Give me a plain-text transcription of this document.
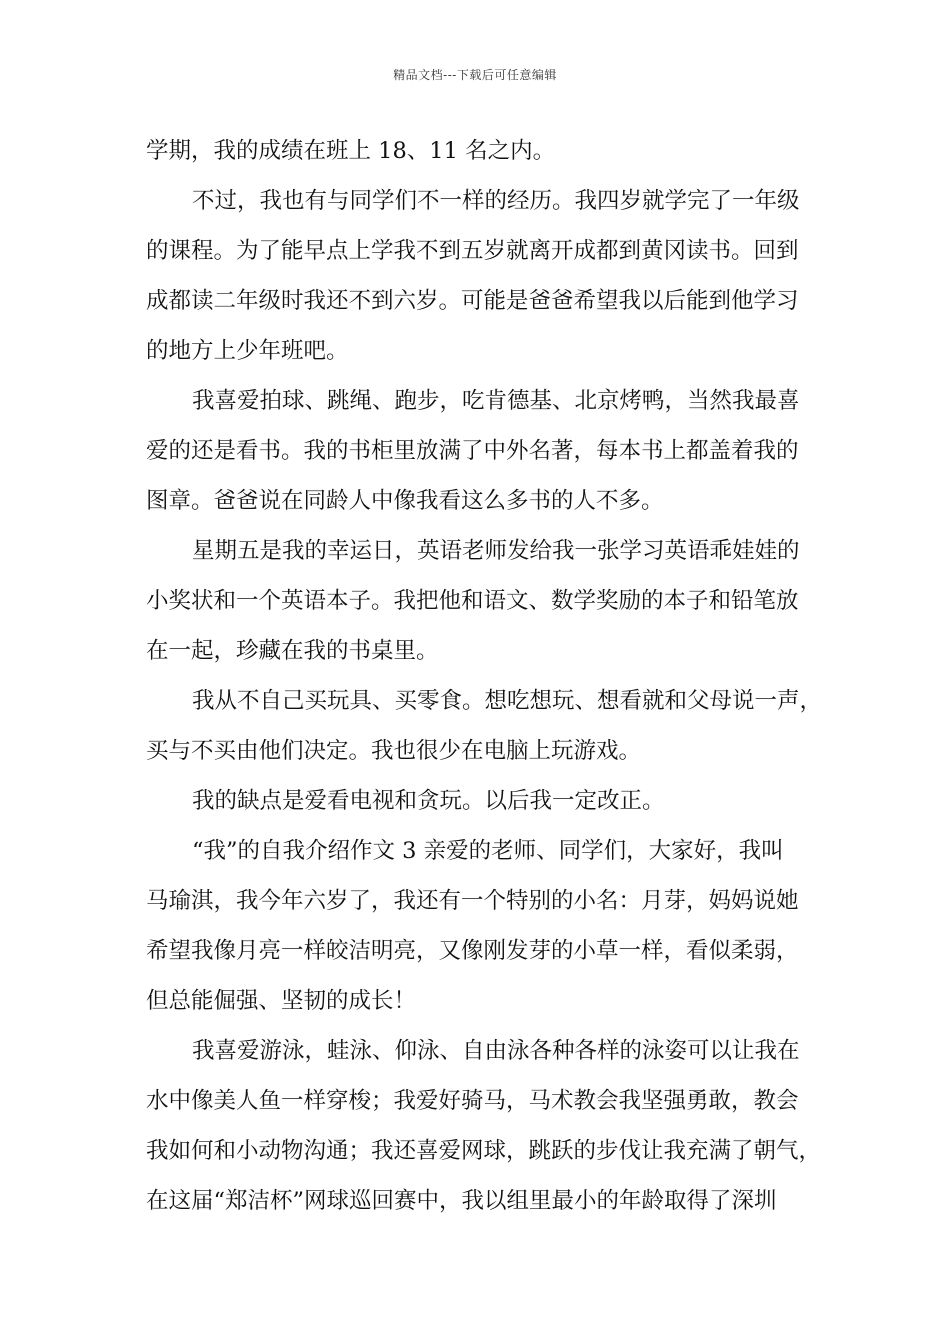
精品文档---下载后可任意编辑
学期，我的成绩在班上 18、11 名之内。
不过，我也有与同学们不一样的经历。我四岁就学完了一年级
的课程。为了能早点上学我不到五岁就离开成都到黄冈读书。回到
成都读二年级时我还不到六岁。可能是爸爸希望我以后能到他学习
的地方上少年班吧。
我喜爱拍球、跳绳、跑步，吃肯德基、北京烤鸭，当然我最喜
爱的还是看书。我的书柜里放满了中外名著，每本书上都盖着我的
图章。爸爸说在同龄人中像我看这么多书的人不多。
星期五是我的幸运日，英语老师发给我一张学习英语乖娃娃的
小奖状和一个英语本子。我把他和语文、数学奖励的本子和铅笔放
在一起，珍藏在我的书桌里。
我从不自己买玩具、买零食。想吃想玩、想看就和父母说一声，
买与不买由他们决定。我也很少在电脑上玩游戏。
我的缺点是爱看电视和贪玩。以后我一定改正。
“我”的自我介绍作文 3 亲爱的老师、同学们，大家好，我叫
马瑜淇，我今年六岁了，我还有一个特别的小名：月芽，妈妈说她
希望我像月亮一样皎洁明亮，又像刚发芽的小草一样，看似柔弱，
但总能倔强、坚韧的成长！
我喜爱游泳，蛙泳、仰泳、自由泳各种各样的泳姿可以让我在
水中像美人鱼一样穿梭；我爱好骑马，马术教会我坚强勇敢，教会
我如何和小动物沟通；我还喜爱网球，跳跃的步伐让我充满了朝气，
在这届“郑洁杯”网球巡回赛中，我以组里最小的年龄取得了深圳
